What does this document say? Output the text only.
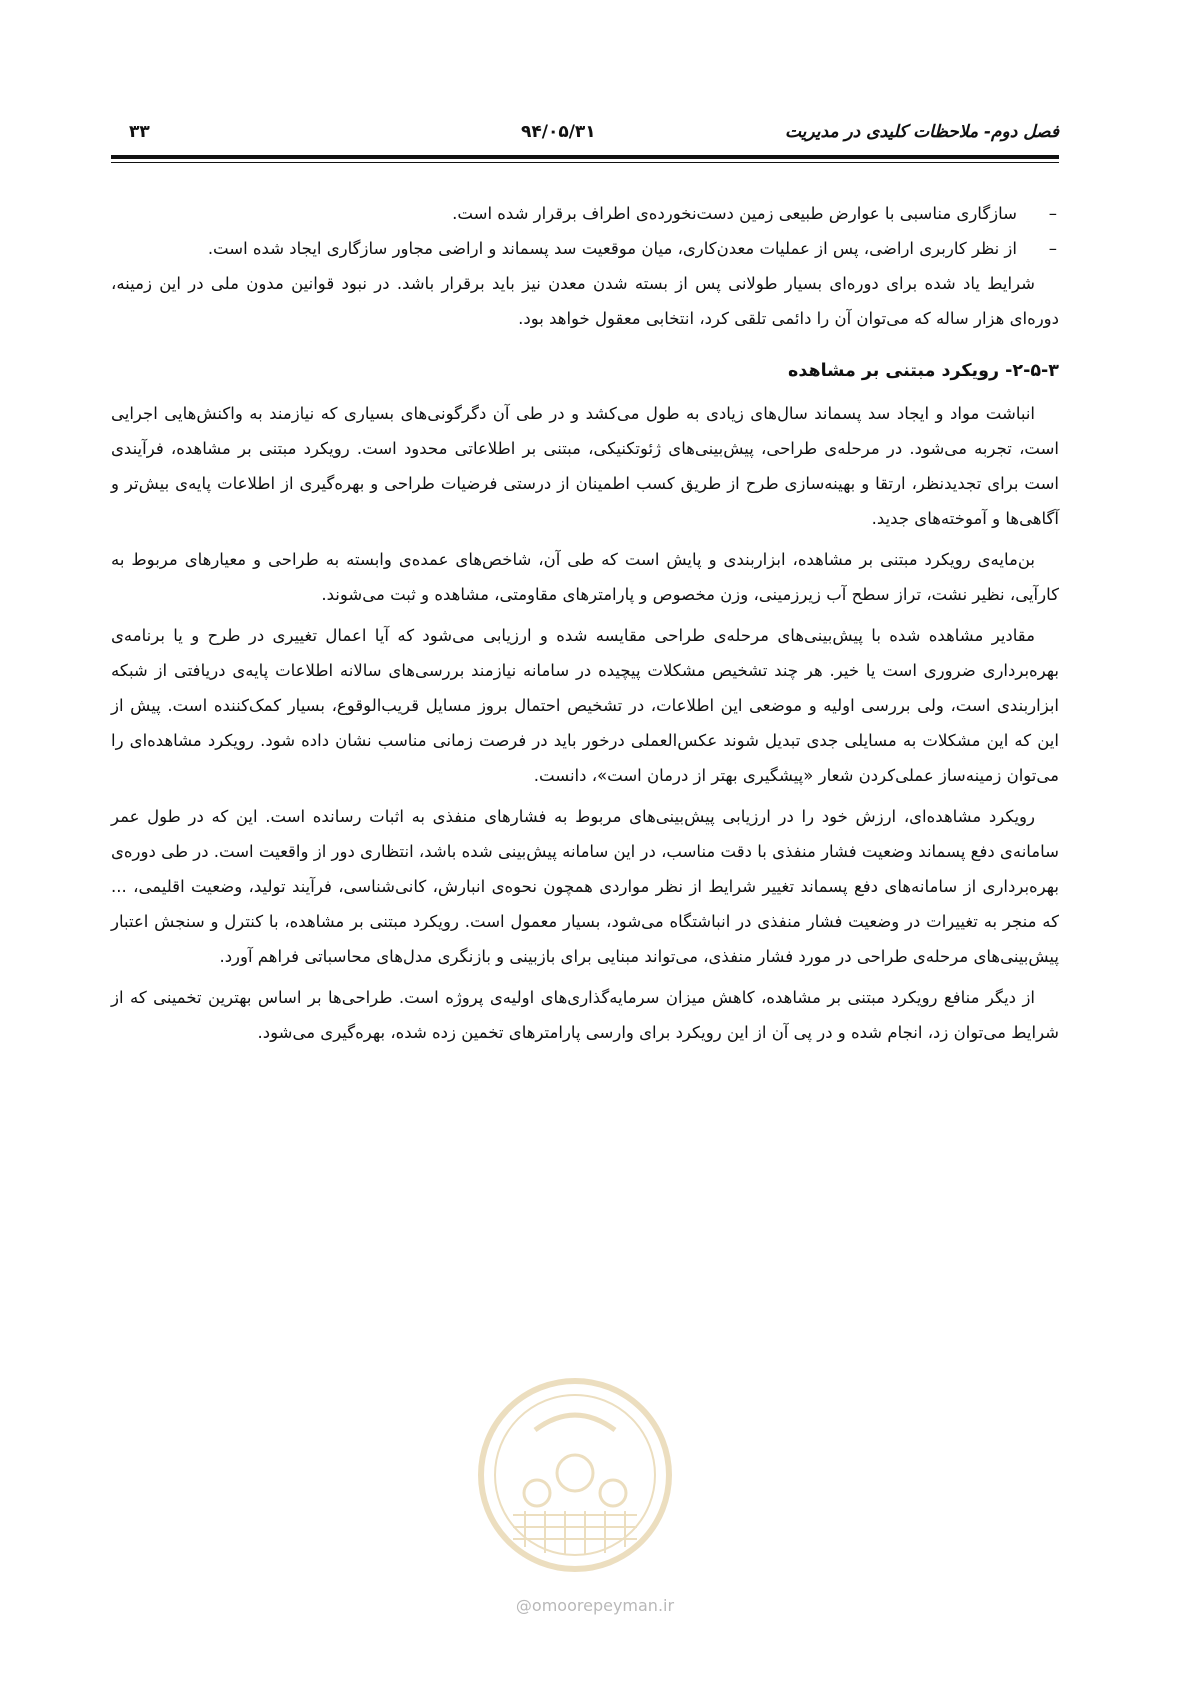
فصل دوم- ملاحظات کلیدی در مدیریت
۹۴/۰۵/۳۱
۳۳
–
سازگاری مناسبی با عوارض طبیعی زمین دست‌نخورده‌ی اطراف برقرار شده است.
–
از نظر کاربری اراضی، پس از عملیات معدن‌کاری، میان موقعیت سد پسماند و اراضی مجاور سازگاری ایجاد شده است.

شرایط یاد شده برای دوره‌ای بسیار طولانی پس از بسته شدن معدن نیز باید برقرار باشد. در نبود قوانین مدون ملی در این زمینه، دوره‌ای هزار ساله که می‌توان آن را دائمی تلقی کرد، انتخابی معقول خواهد بود.

۲-۵-۳- رویکرد مبتنی بر مشاهده

انباشت مواد و ایجاد سد پسماند سال‌های زیادی به طول می‌کشد و در طی آن دگرگونی‌های بسیاری که نیازمند به واکنش‌هایی اجرایی است، تجربه می‌شود. در مرحله‌ی طراحی، پیش‌بینی‌های ژئوتکنیکی، مبتنی بر اطلاعاتی محدود است. رویکرد مبتنی بر مشاهده، فرآیندی است برای تجدیدنظر، ارتقا و بهینه‌سازی طرح از طریق کسب اطمینان از درستی فرضیات طراحی و بهره‌گیری از اطلاعات پایه‌ی بیش‌تر و آگاهی‌ها و آموخته‌های جدید.

بن‌مایه‌ی رویکرد مبتنی بر مشاهده، ابزاربندی و پایش است که طی آن، شاخص‌های عمده‌ی وابسته به طراحی و معیارهای مربوط به کارآیی، نظیر نشت، تراز سطح آب زیرزمینی، وزن مخصوص و پارامترهای مقاومتی، مشاهده و ثبت می‌شوند.

مقادیر مشاهده شده با پیش‌بینی‌های مرحله‌ی طراحی مقایسه شده و ارزیابی می‌شود که آیا اعمال تغییری در طرح و یا برنامه‌ی بهره‌برداری ضروری است یا خیر. هر چند تشخیص مشکلات پیچیده در سامانه نیازمند بررسی‌های سالانه اطلاعات پایه‌ی دریافتی از شبکه ابزاربندی است، ولی بررسی اولیه و موضعی این اطلاعات، در تشخیص احتمال بروز مسایل قریب‌الوقوع، بسیار کمک‌کننده است. پیش از این که این مشکلات به مسایلی جدی تبدیل شوند عکس‌العملی درخور باید در فرصت زمانی مناسب نشان داده شود. رویکرد مشاهده‌ای را می‌توان زمینه‌ساز عملی‌کردن شعار «پیشگیری بهتر از درمان است»، دانست.

رویکرد مشاهده‌ای، ارزش خود را در ارزیابی پیش‌بینی‌های مربوط به فشارهای منفذی به اثبات رسانده است. این که در طول عمر سامانه‌ی دفع پسماند وضعیت فشار منفذی با دقت مناسب، در این سامانه پیش‌بینی شده باشد، انتظاری دور از واقعیت است. در طی دوره‌ی بهره‌برداری از سامانه‌های دفع پسماند تغییر شرایط از نظر مواردی همچون نحوه‌ی انبارش، کانی‌شناسی، فرآیند تولید، وضعیت اقلیمی، ... که منجر به تغییرات در وضعیت فشار منفذی در انباشتگاه می‌شود، بسیار معمول است. رویکرد مبتنی بر مشاهده، با کنترل و سنجش اعتبار پیش‌بینی‌های مرحله‌ی طراحی در مورد فشار منفذی، می‌تواند مبنایی برای بازبینی و بازنگری مدل‌های محاسباتی فراهم آورد.

از دیگر منافع رویکرد مبتنی بر مشاهده، کاهش میزان سرمایه‌گذاری‌های اولیه‌ی پروژه است. طراحی‌ها بر اساس بهترین تخمینی که از شرایط می‌توان زد، انجام شده و در پی آن از این رویکرد برای وارسی پارامترهای تخمین زده شده، بهره‌گیری می‌شود.

@omoorepeyman.ir
